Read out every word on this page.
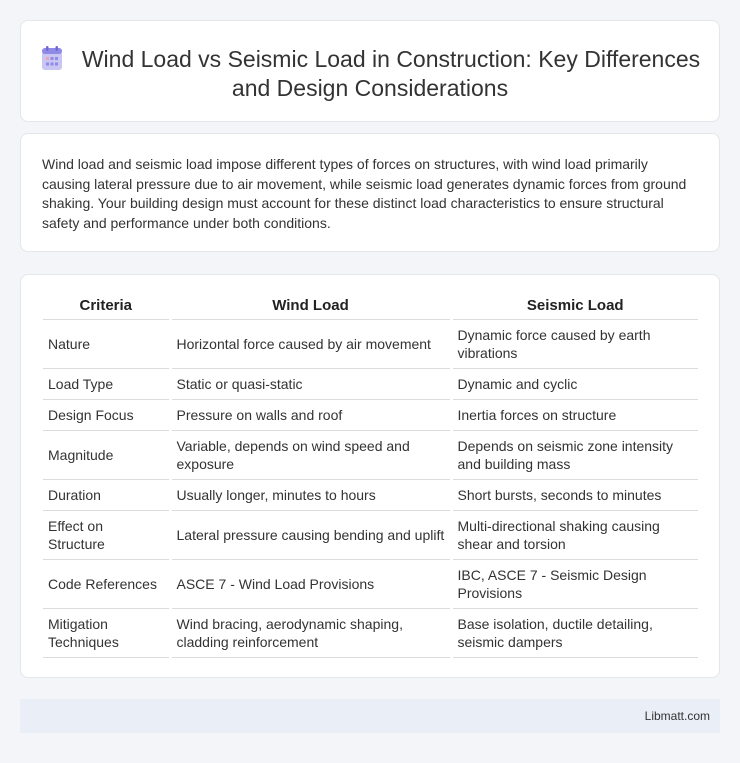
Wind Load vs Seismic Load in Construction: Key Differences and Design Considerations

Wind load and seismic load impose different types of forces on structures, with wind load primarily causing lateral pressure due to air movement, while seismic load generates dynamic forces from ground shaking. Your building design must account for these distinct load characteristics to ensure structural safety and performance under both conditions.

Criteria	Wind Load	Seismic Load
Nature	Horizontal force caused by air movement	Dynamic force caused by earth vibrations
Load Type	Static or quasi-static	Dynamic and cyclic
Design Focus	Pressure on walls and roof	Inertia forces on structure
Magnitude	Variable, depends on wind speed and exposure	Depends on seismic zone intensity and building mass
Duration	Usually longer, minutes to hours	Short bursts, seconds to minutes
Effect on Structure	Lateral pressure causing bending and uplift	Multi-directional shaking causing shear and torsion
Code References	ASCE 7 - Wind Load Provisions	IBC, ASCE 7 - Seismic Design Provisions
Mitigation Techniques	Wind bracing, aerodynamic shaping, cladding reinforcement	Base isolation, ductile detailing, seismic dampers
Libmatt.com
